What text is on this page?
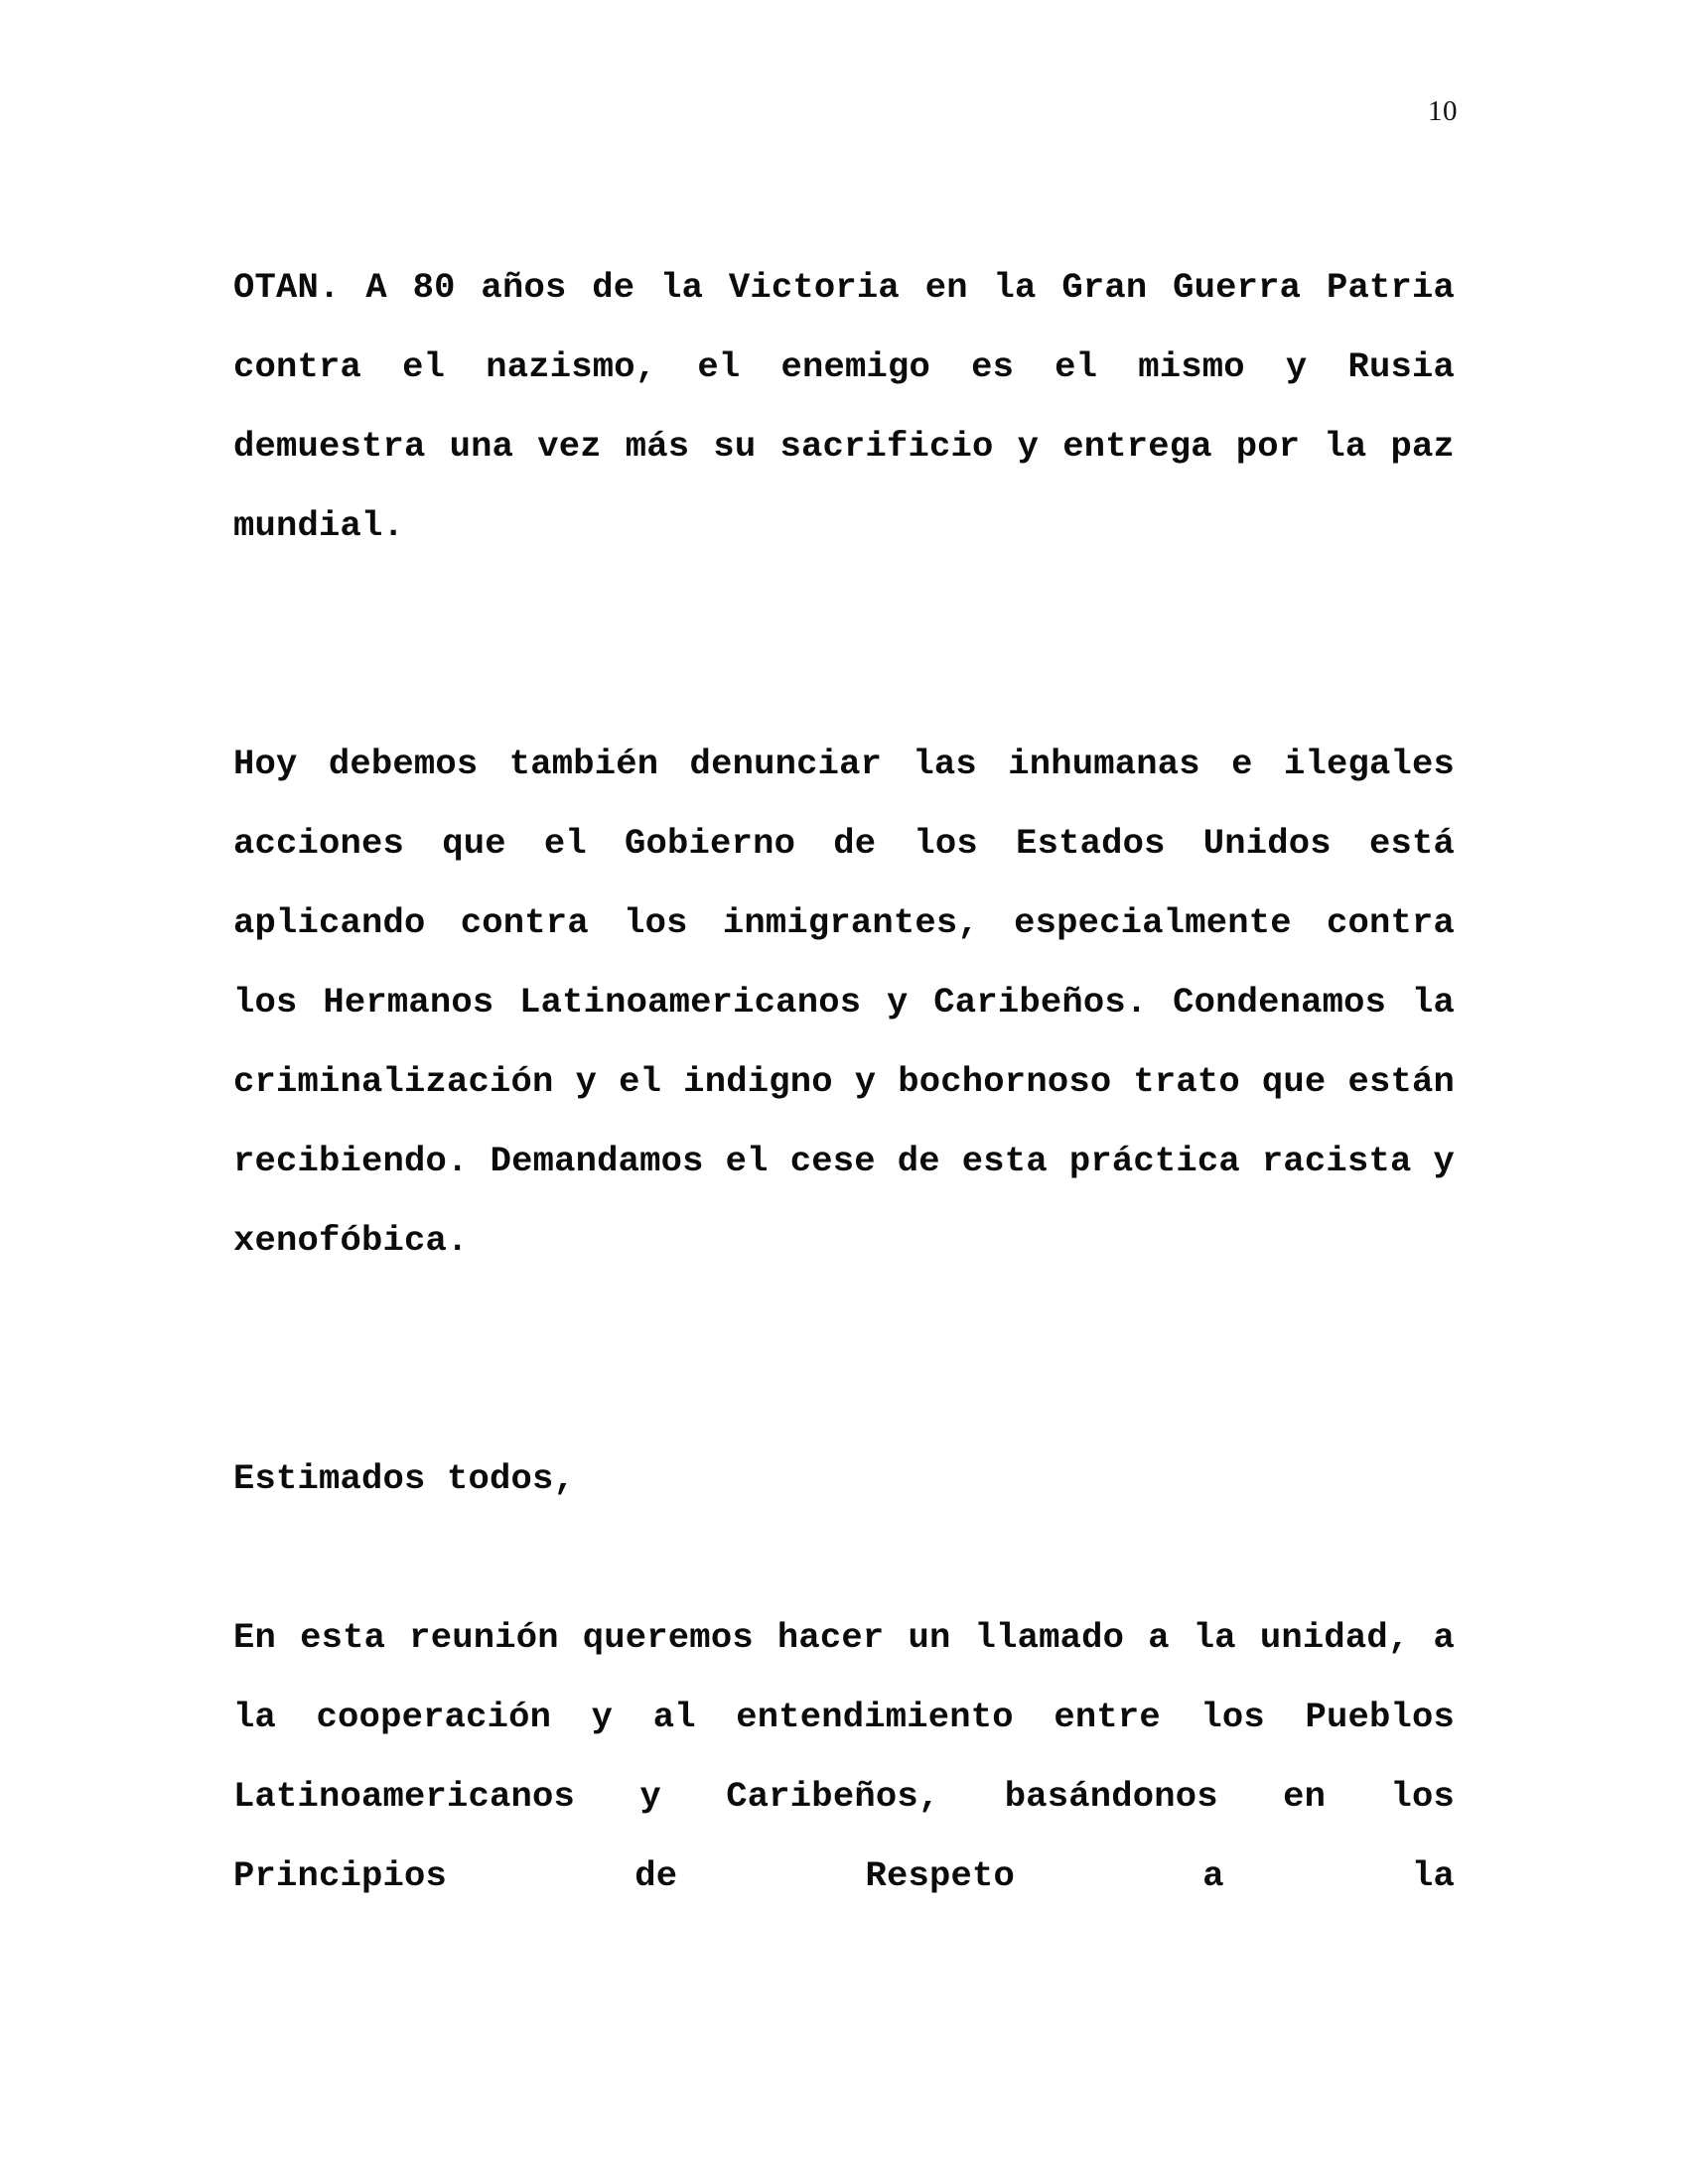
10

OTAN. A 80 años de la Victoria en la Gran Guerra Patria contra el nazismo, el enemigo es el mismo y Rusia demuestra una vez más su sacrificio y entrega por la paz mundial.

Hoy debemos también denunciar las inhumanas e ilegales acciones que el Gobierno de los Estados Unidos está aplicando contra los inmigrantes, especialmente contra los Hermanos Latinoamericanos y Caribeños. Condenamos la criminalización y el indigno y bochornoso trato que están recibiendo. Demandamos el cese de esta práctica racista y xenofóbica.

Estimados todos,

En esta reunión queremos hacer un llamado a la unidad, a la cooperación y al entendimiento entre los Pueblos Latinoamericanos y Caribeños, basándonos en los Principios de Respeto a la
